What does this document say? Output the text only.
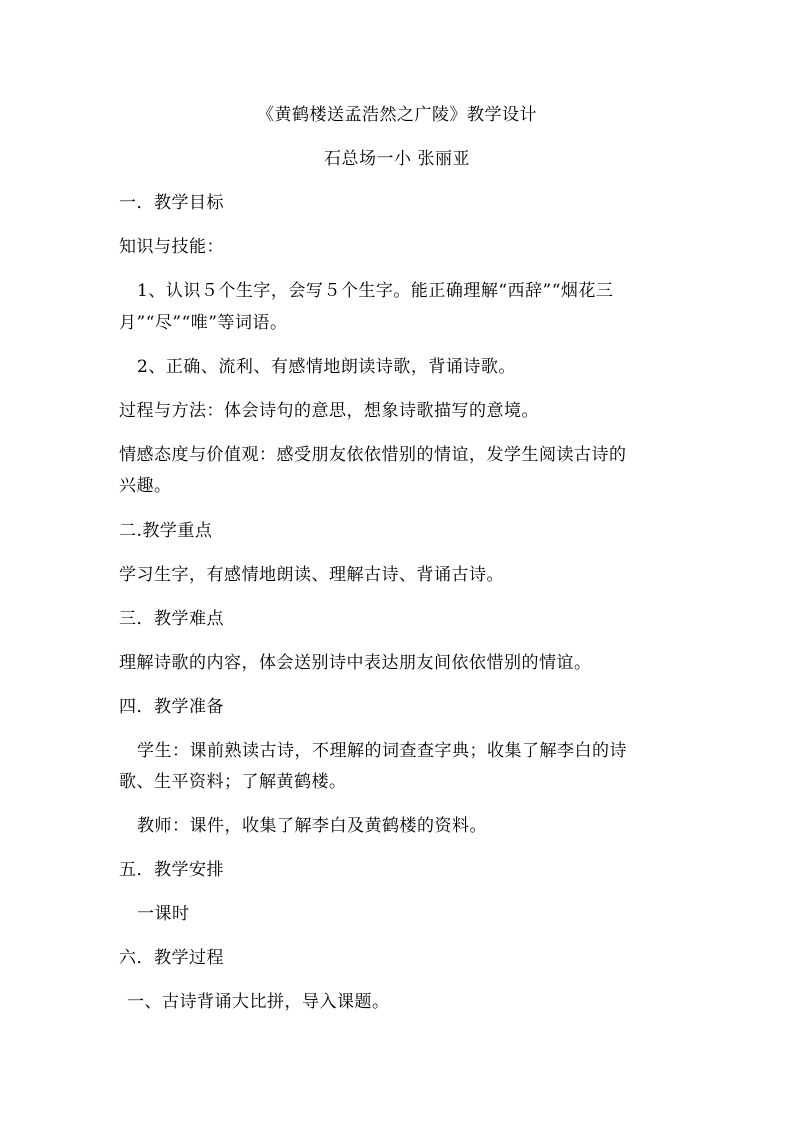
《黄鹤楼送孟浩然之广陵》教学设计
石总场一小 张丽亚
一．教学目标
知识与技能：
1、认识５个生字，会写５个生字。能正确理解“西辞”“烟花三
月”“尽”“唯”等词语。
2、正确、流利、有感情地朗读诗歌，背诵诗歌。
过程与方法：体会诗句的意思，想象诗歌描写的意境。
情感态度与价值观：感受朋友依依惜别的情谊，发学生阅读古诗的
兴趣。
二.教学重点
学习生字，有感情地朗读、理解古诗、背诵古诗。
三．教学难点
理解诗歌的内容，体会送别诗中表达朋友间依依惜别的情谊。
四．教学准备
学生：课前熟读古诗，不理解的词查查字典；收集了解李白的诗
歌、生平资料；了解黄鹤楼。
教师：课件，收集了解李白及黄鹤楼的资料。
五．教学安排
一课时
六．教学过程
一、古诗背诵大比拼，导入课题。
